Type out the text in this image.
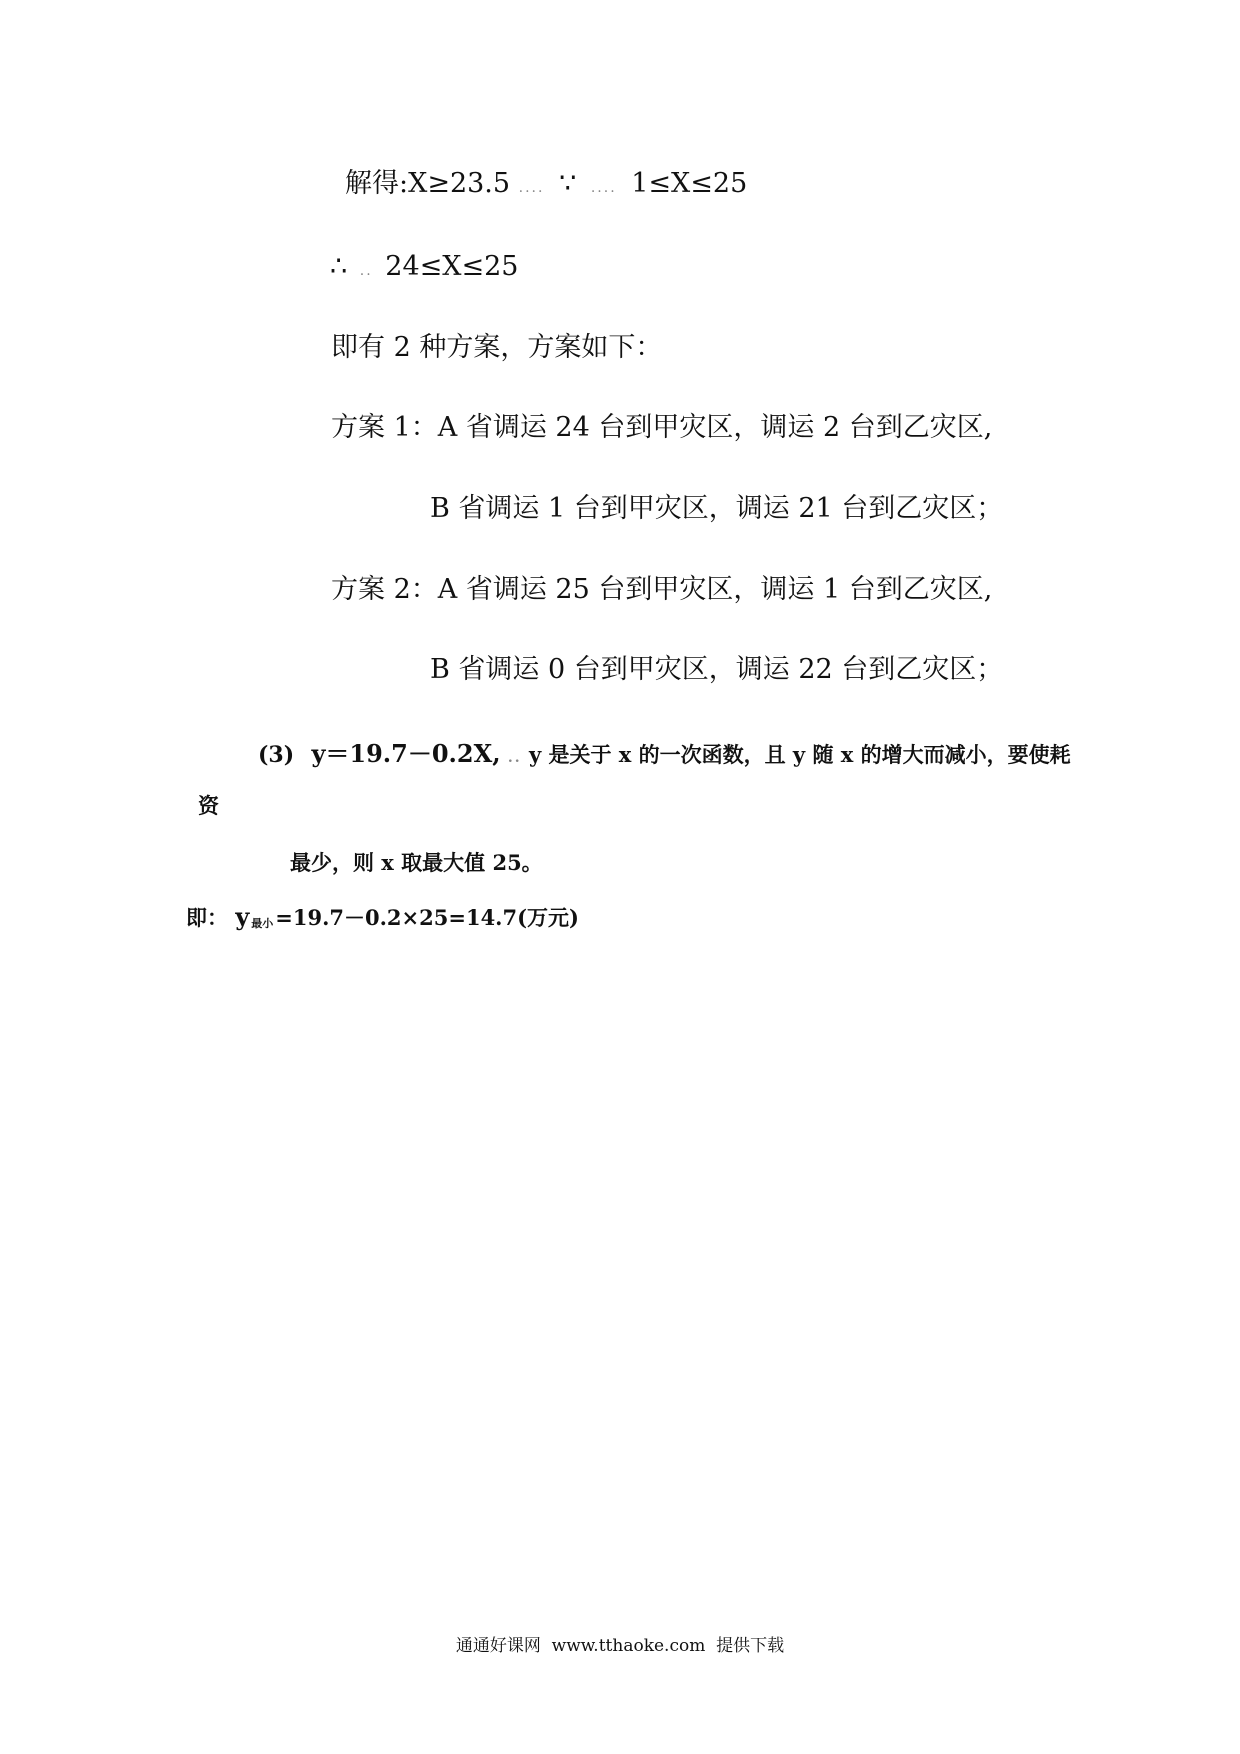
解得:X≥23.5 .... ∵ .... 1≤X≤25
∴ .. 24≤X≤25
即有 2 种方案，方案如下：
方案 1：A 省调运 24 台到甲灾区，调运 2 台到乙灾区,
B 省调运 1 台到甲灾区，调运 21 台到乙灾区；
方案 2：A 省调运 25 台到甲灾区，调运 1 台到乙灾区,
B 省调运 0 台到甲灾区，调运 22 台到乙灾区；
(3) y＝19.7－0.2X, .. y 是关于 x 的一次函数，且 y 随 x 的增大而减小，要使耗
资
最少，则 x 取最大值 25。
即： y 最小=19.7－0.2×25=14.7(万元)
通通好课网  www.tthaoke.com  提供下载
